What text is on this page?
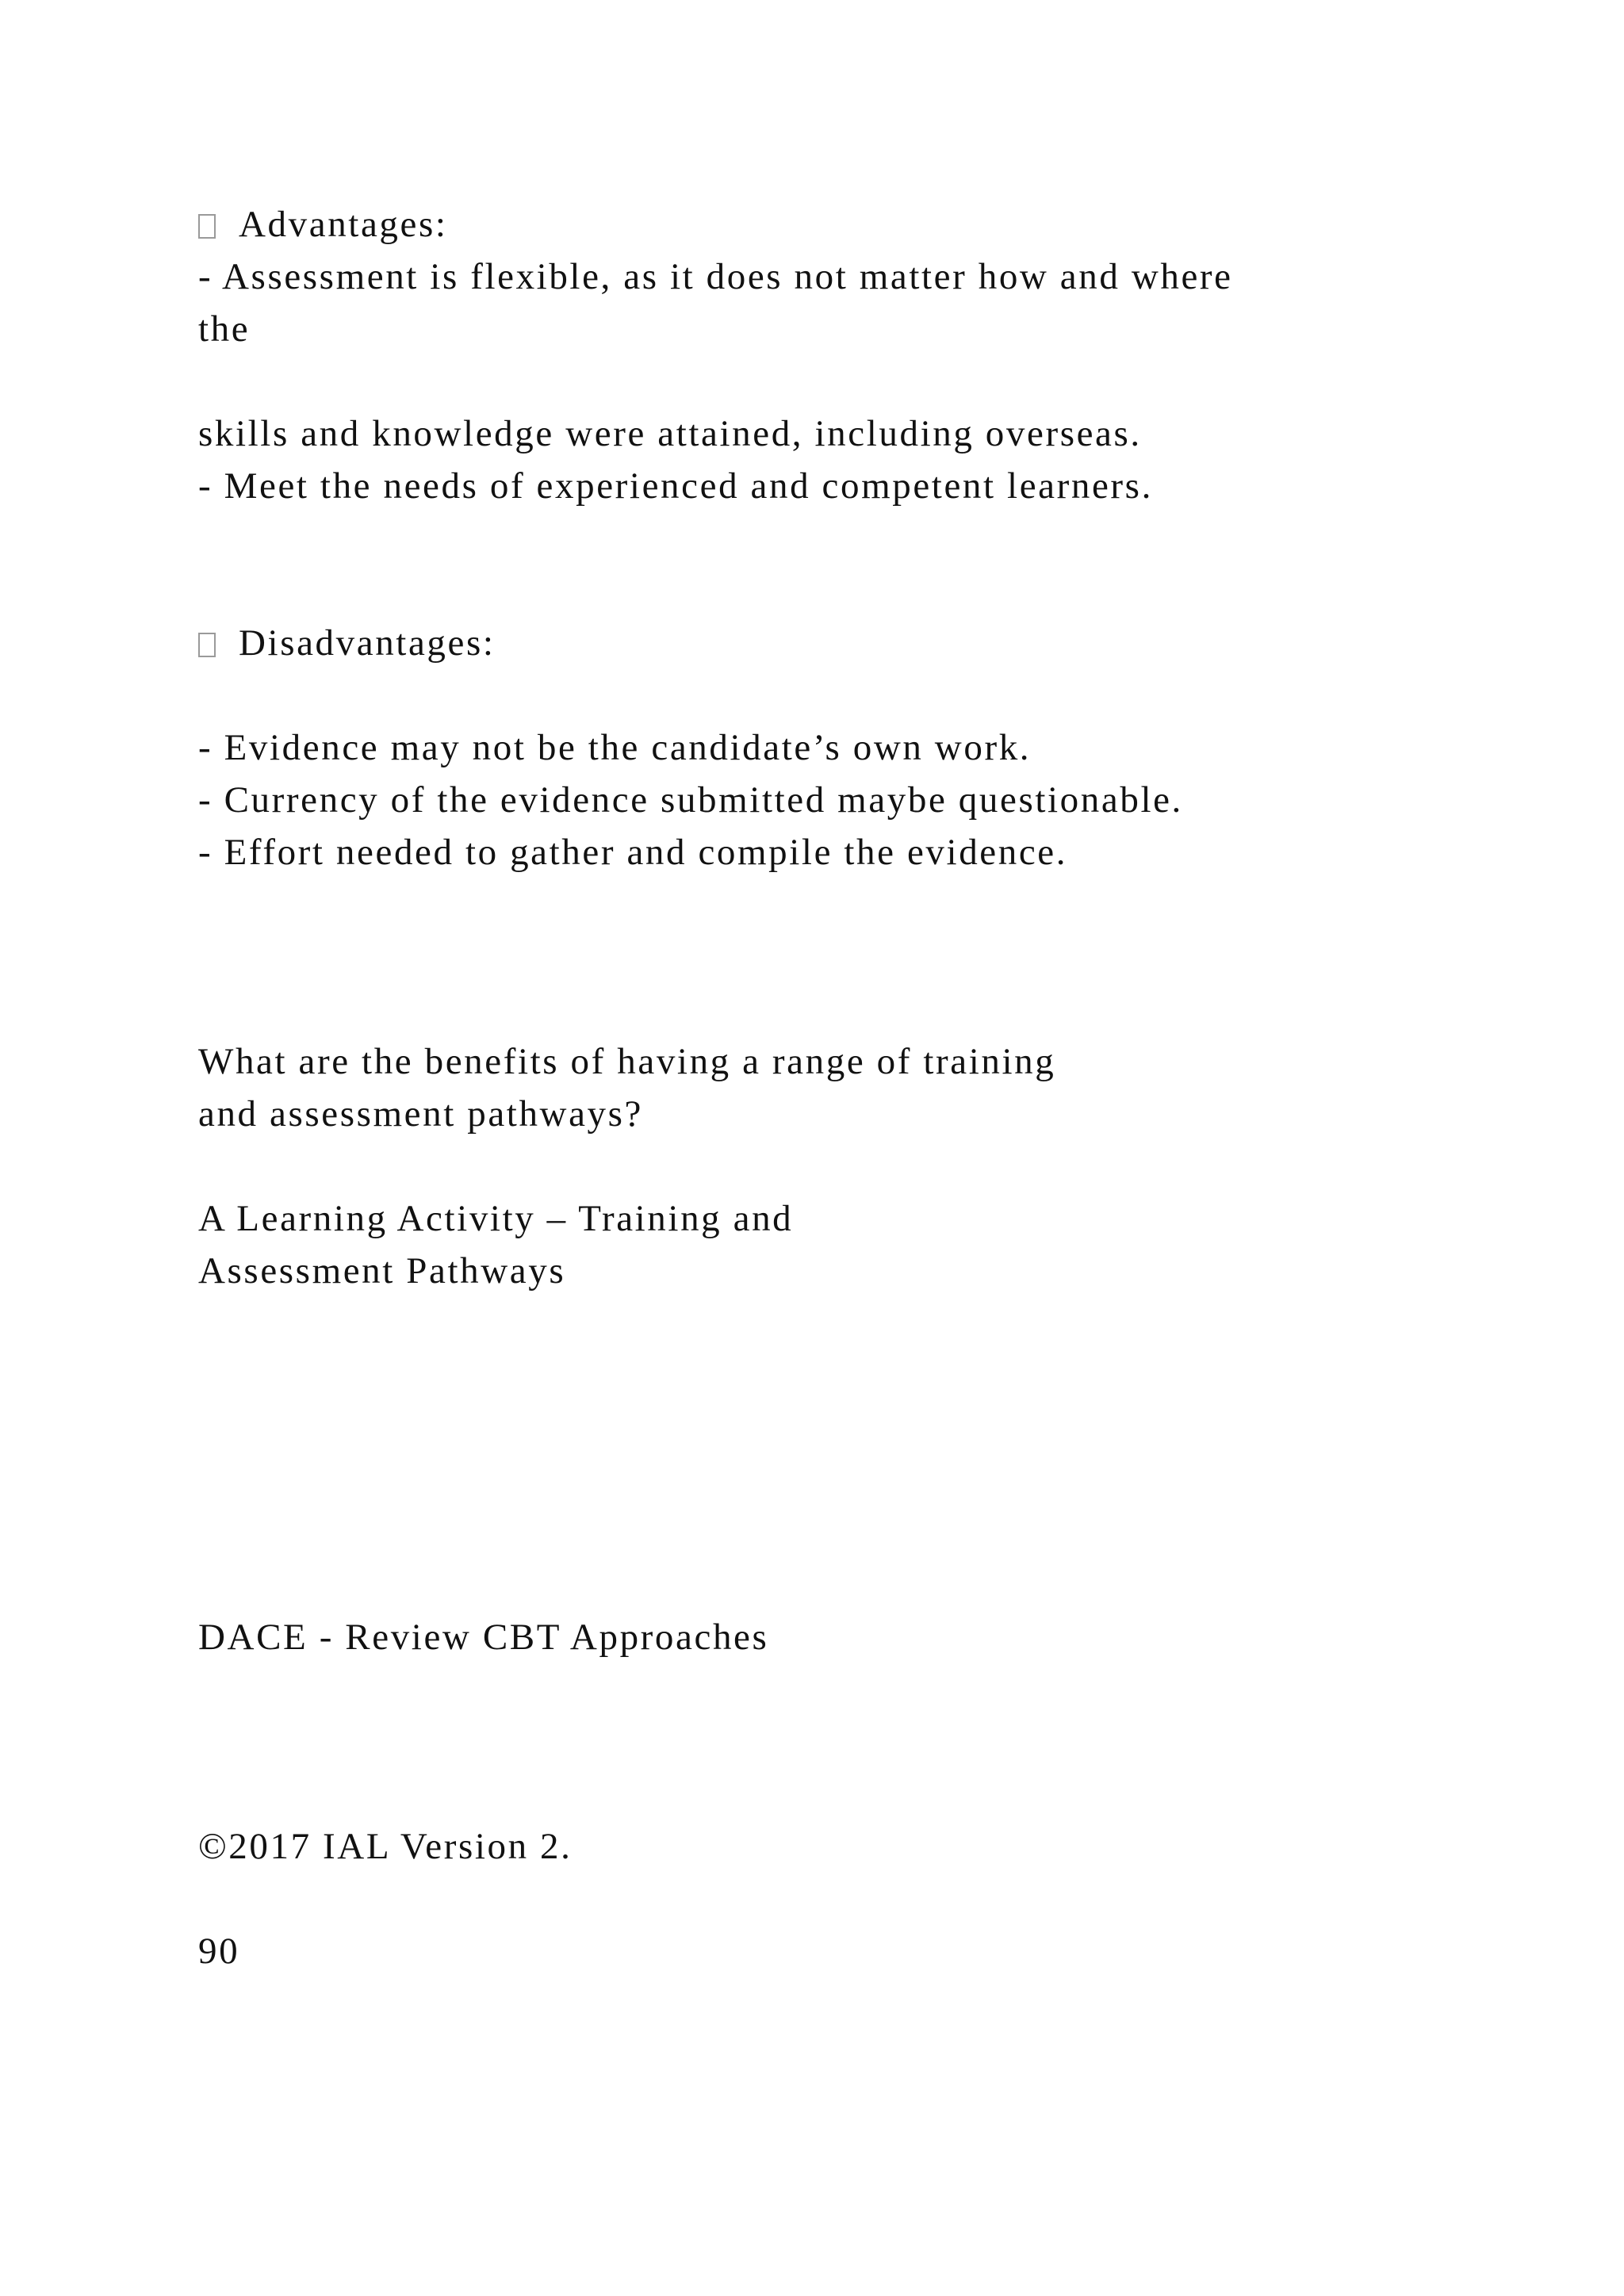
Advantages:
- Assessment is flexible, as it does not matter how and where
the
skills and knowledge were attained, including overseas.
- Meet the needs of experienced and competent learners.
Disadvantages:
- Evidence may not be the candidate’s own work.
- Currency of the evidence submitted maybe questionable.
- Effort needed to gather and compile the evidence.
What are the benefits of having a range of training
and assessment pathways?
A Learning Activity – Training and
Assessment Pathways
DACE - Review CBT Approaches
©2017 IAL Version 2.
90
